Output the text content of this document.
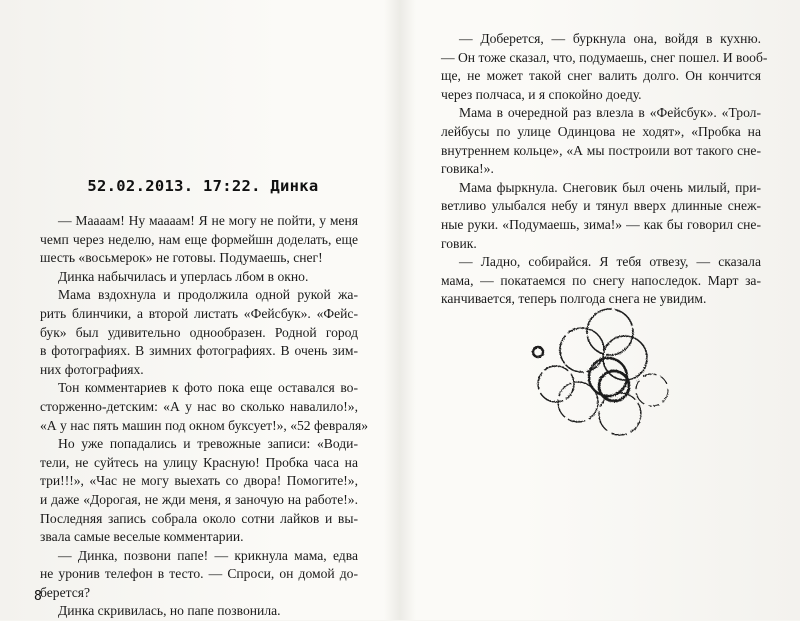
52.02.2013. 17:22. Динка
— Маааам! Ну маааам! Я не могу не пойти, у меня
чемп через неделю, нам еще формейшн доделать, еще
шесть «восьмерок» не готовы. Подумаешь, снег!
Динка набычилась и уперлась лбом в окно.
Мама вздохнула и продолжила одной рукой жа-
рить блинчики, а второй листать «Фейсбук». «Фейс-
бук» был удивительно однообразен. Родной город
в фотографиях. В зимних фотографиях. В очень зим-
них фотографиях.
Тон комментариев к фото пока еще оставался во-
сторженно-детским: «А у нас во сколько навалило!»,
«А у нас пять машин под окном буксует!», «52 февраля»
Но уже попадались и тревожные записи: «Води-
тели, не суйтесь на улицу Красную! Пробка часа на
три!!!», «Час не могу выехать со двора! Помогите!»,
и даже «Дорогая, не жди меня, я заночую на работе!».
Последняя запись собрала около сотни лайков и вы-
звала самые веселые комментарии.
— Динка, позвони папе! — крикнула мама, едва
не уронив телефон в тесто. — Спроси, он домой до-
берется?
Динка скривилась, но папе позвонила.
8
— Доберется, — буркнула она, войдя в кухню.
— Он тоже сказал, что, подумаешь, снег пошел. И вооб-
ще, не может такой снег валить долго. Он кончится
через полчаса, и я спокойно доеду.
Мама в очередной раз влезла в «Фейсбук». «Трол-
лейбусы по улице Одинцова не ходят», «Пробка на
внутреннем кольце», «А мы построили вот такого сне-
говика!».
Мама фыркнула. Снеговик был очень милый, при-
ветливо улыбался небу и тянул вверх длинные снеж-
ные руки. «Подумаешь, зима!» — как бы говорил сне-
говик.
— Ладно, собирайся. Я тебя отвезу, — сказала
мама, — покатаемся по снегу напоследок. Март за-
канчивается, теперь полгода снега не увидим.
